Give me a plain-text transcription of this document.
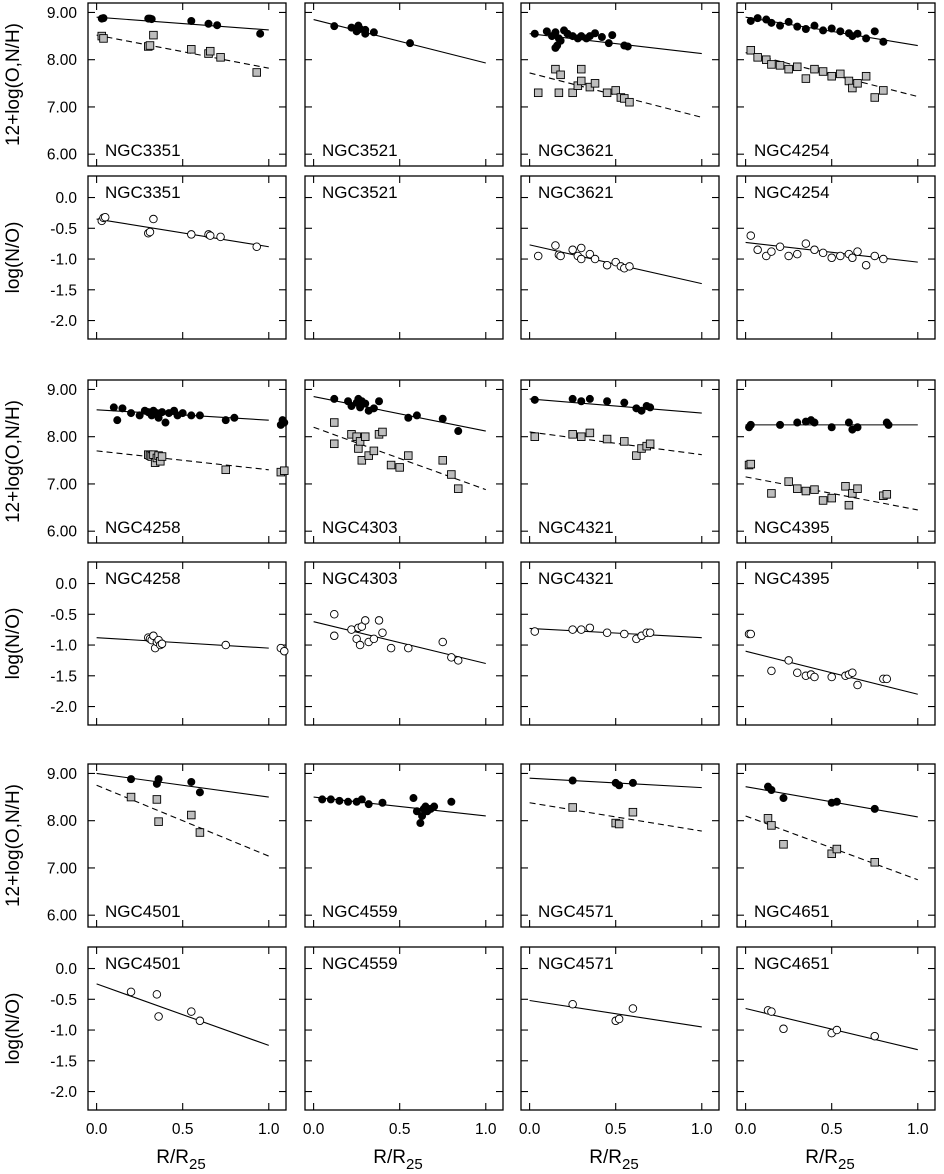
NGC3351
6.00
7.00
8.00
9.00
NGC3351
0.0
-0.5
-1.0
-1.5
-2.0
NGC3521
NGC3521
NGC3621
NGC3621
NGC4254
NGC4254
NGC4258
6.00
7.00
8.00
9.00
NGC4258
0.0
-0.5
-1.0
-1.5
-2.0
NGC4303
NGC4303
NGC4321
NGC4321
NGC4395
NGC4395
NGC4501
6.00
7.00
8.00
9.00
NGC4501
0.0
-0.5
-1.0
-1.5
-2.0
0.0	0.5	1.0
NGC4559
NGC4559
0.0	0.5	1.0
NGC4571
NGC4571
0.0	0.5	1.0
NGC4651
NGC4651
0.0	0.5	1.0
12+log(O,N/H)
log(N/O)
12+log(O,N/H)
log(N/O)
12+log(O,N/H)
log(N/O)
$R/R_{25}$	$R/R_{25}$	$R/R_{25}$	$R/R_{25}$
